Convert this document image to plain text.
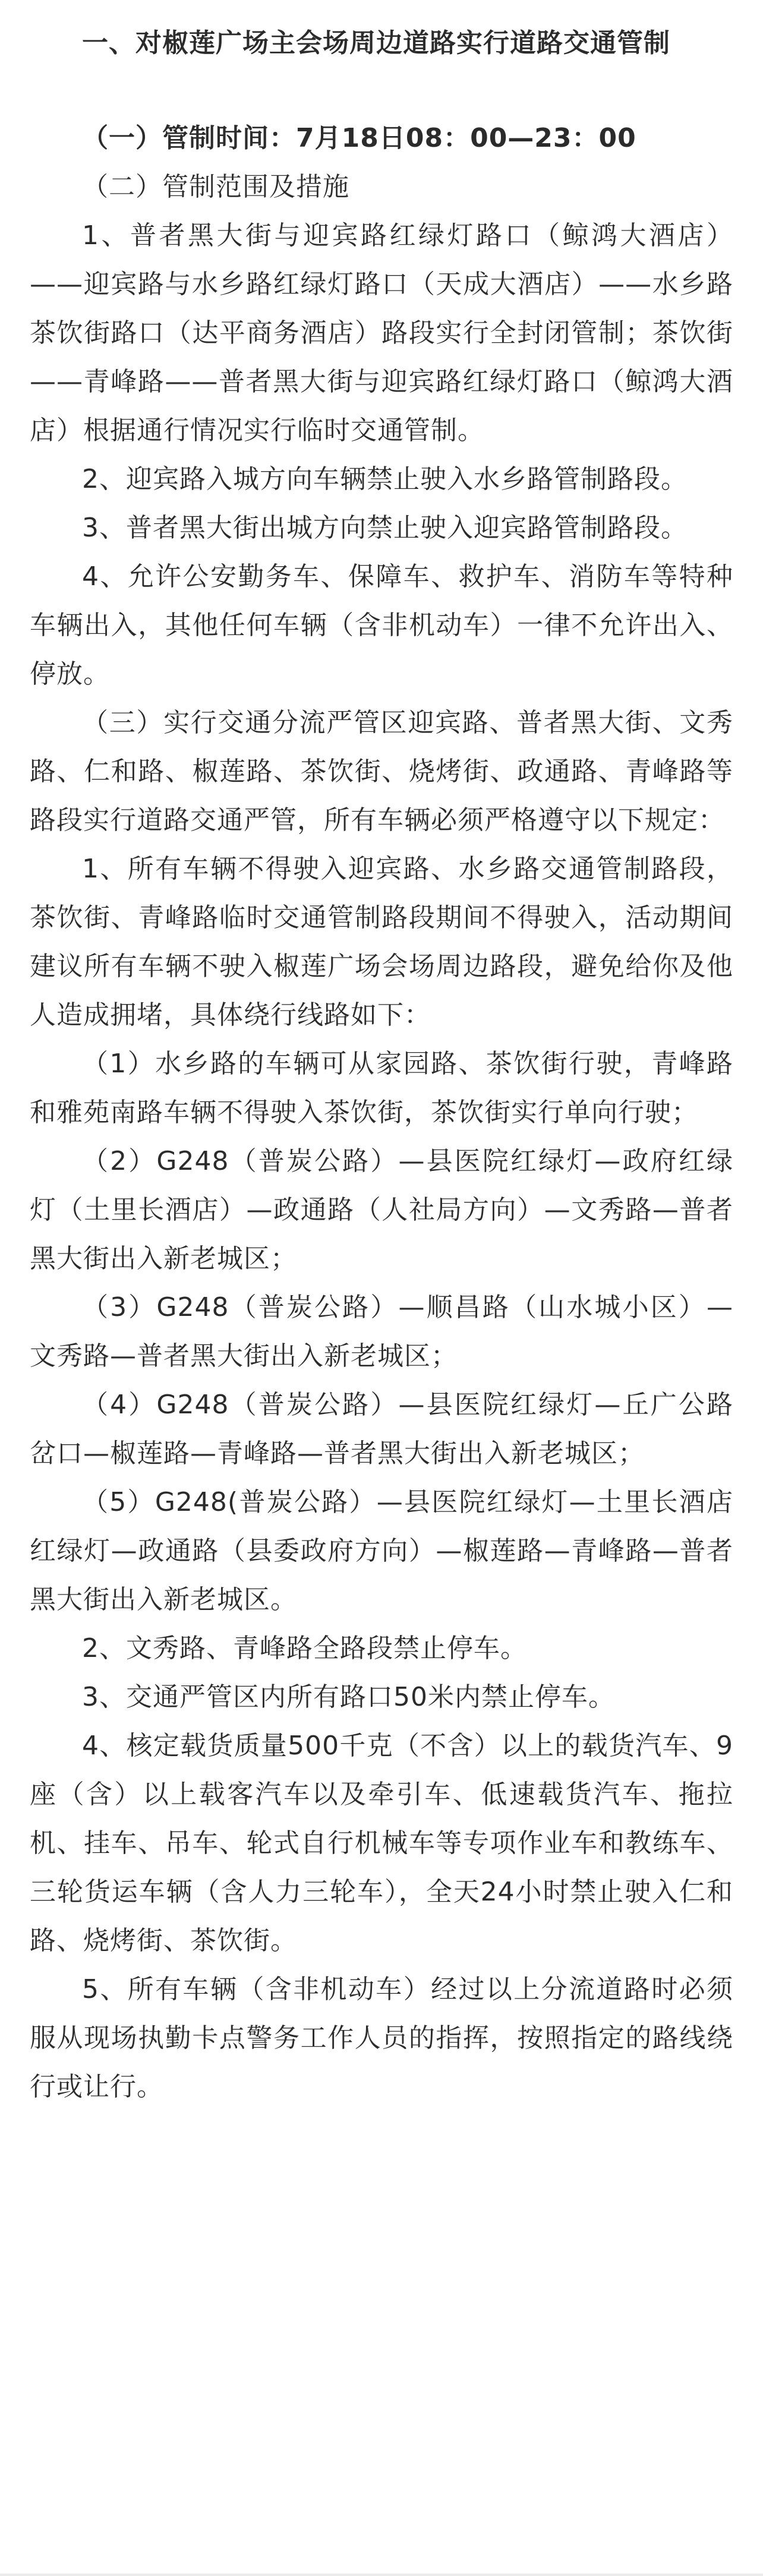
一、对椒莲广场主会场周边道路实行道路交通管制

（一）管制时间：7月18日08：00—23：00

（二）管制范围及措施

1、普者黑大街与迎宾路红绿灯路口（鲸鸿大酒店）——迎宾路与水乡路红绿灯路口（天成大酒店）——水乡路茶饮街路口（达平商务酒店）路段实行全封闭管制；茶饮街——青峰路——普者黑大街与迎宾路红绿灯路口（鲸鸿大酒店）根据通行情况实行临时交通管制。

2、迎宾路入城方向车辆禁止驶入水乡路管制路段。

3、普者黑大街出城方向禁止驶入迎宾路管制路段。

4、允许公安勤务车、保障车、救护车、消防车等特种车辆出入，其他任何车辆（含非机动车）一律不允许出入、停放。

（三）实行交通分流严管区迎宾路、普者黑大街、文秀路、仁和路、椒莲路、茶饮街、烧烤街、政通路、青峰路等路段实行道路交通严管，所有车辆必须严格遵守以下规定：

1、所有车辆不得驶入迎宾路、水乡路交通管制路段，茶饮街、青峰路临时交通管制路段期间不得驶入，活动期间建议所有车辆不驶入椒莲广场会场周边路段，避免给你及他人造成拥堵，具体绕行线路如下：

（1）水乡路的车辆可从家园路、茶饮街行驶，青峰路和雅苑南路车辆不得驶入茶饮街，茶饮街实行单向行驶；

（2）G248（普炭公路）—县医院红绿灯—政府红绿灯（土里长酒店）—政通路（人社局方向）—文秀路—普者黑大街出入新老城区；

（3）G248（普炭公路）—顺昌路（山水城小区）—文秀路—普者黑大街出入新老城区；

（4）G248（普炭公路）—县医院红绿灯—丘广公路岔口—椒莲路—青峰路—普者黑大街出入新老城区；

（5）G248(普炭公路）—县医院红绿灯—土里长酒店红绿灯—政通路（县委政府方向）—椒莲路—青峰路—普者黑大街出入新老城区。

2、文秀路、青峰路全路段禁止停车。

3、交通严管区内所有路口50米内禁止停车。

4、核定载货质量500千克（不含）以上的载货汽车、9座（含）以上载客汽车以及牵引车、低速载货汽车、拖拉机、挂车、吊车、轮式自行机械车等专项作业车和教练车、三轮货运车辆（含人力三轮车），全天24小时禁止驶入仁和路、烧烤街、茶饮街。

5、所有车辆（含非机动车）经过以上分流道路时必须服从现场执勤卡点警务工作人员的指挥，按照指定的路线绕行或让行。
